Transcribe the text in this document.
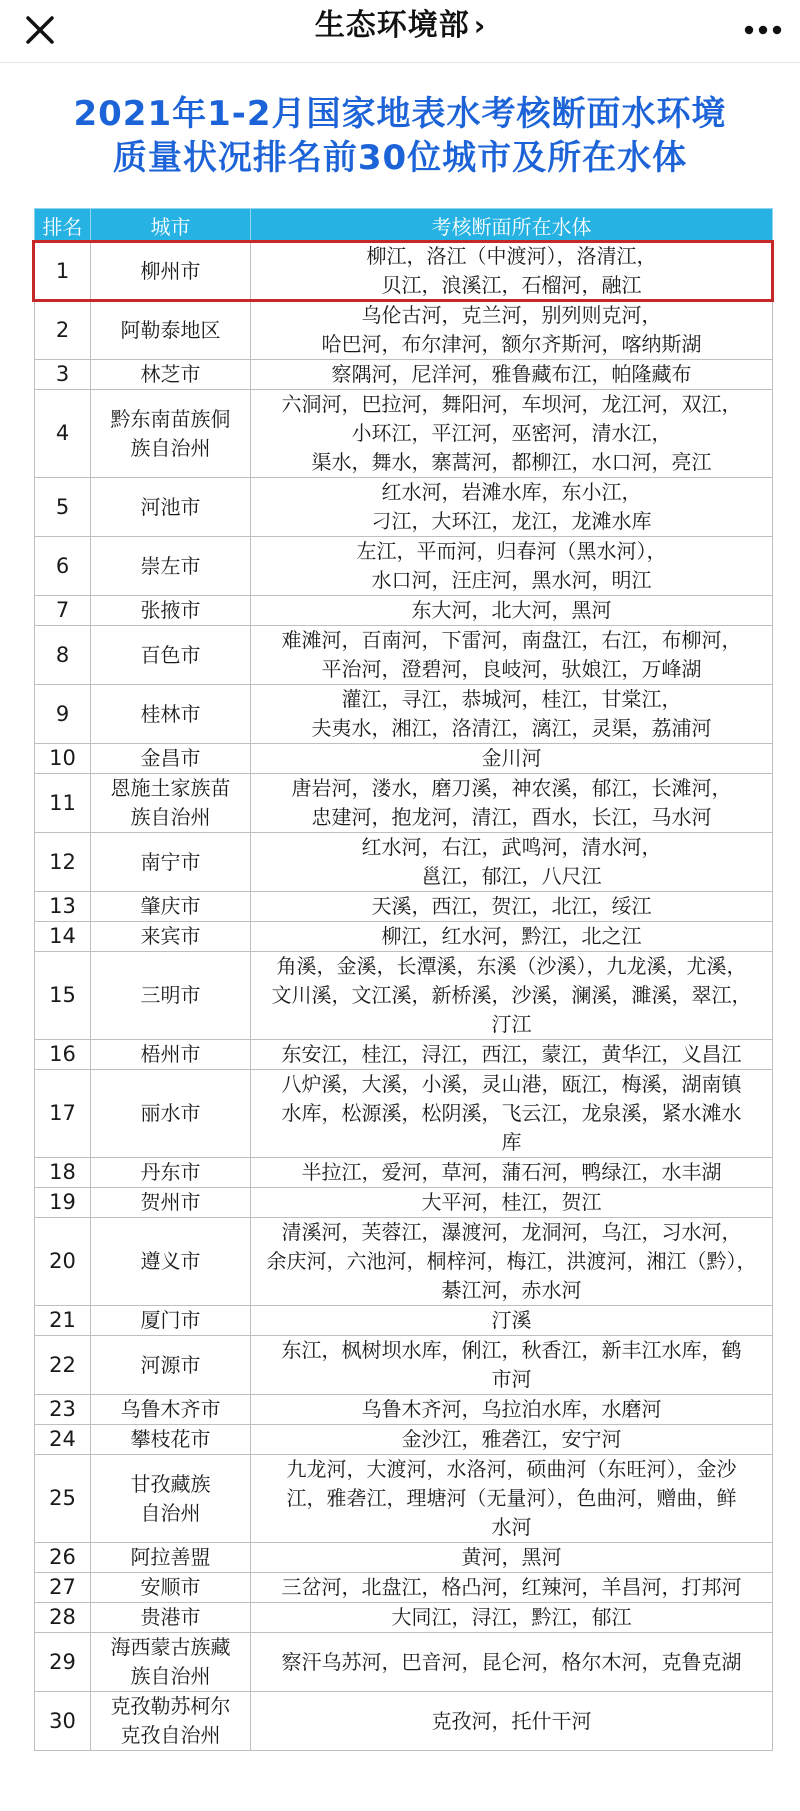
生态环境部 ›
2021年1-2月国家地表水考核断面水环境
质量状况排名前30位城市及所在水体
排名	城市	考核断面所在水体
1	柳州市	柳江，洛江（中渡河），洛清江，
贝江，浪溪江，石榴河，融江
2	阿勒泰地区	乌伦古河，克兰河，别列则克河，
哈巴河，布尔津河，额尔齐斯河，喀纳斯湖
3	林芝市	察隅河，尼洋河，雅鲁藏布江，帕隆藏布
4	黔东南苗族侗
族自治州	六洞河，巴拉河，舞阳河，车坝河，龙江河，双江，
小环江，平江河，巫密河，清水江，
渠水，舞水，寨蒿河，都柳江，水口河，亮江
5	河池市	红水河，岩滩水库，东小江，
刁江，大环江，龙江，龙滩水库
6	崇左市	左江，平而河，归春河（黑水河），
水口河，汪庄河，黑水河，明江
7	张掖市	东大河，北大河，黑河
8	百色市	难滩河，百南河，下雷河，南盘江，右江，布柳河，
平治河，澄碧河，良岐河，驮娘江，万峰湖
9	桂林市	灌江，寻江，恭城河，桂江，甘棠江，
夫夷水，湘江，洛清江，漓江，灵渠，荔浦河
10	金昌市	金川河
11	恩施土家族苗
族自治州	唐岩河，溇水，磨刀溪，神农溪，郁江，长滩河，
忠建河，抱龙河，清江，酉水，长江，马水河
12	南宁市	红水河，右江，武鸣河，清水河，
邕江，郁江，八尺江
13	肇庆市	天溪，西江，贺江，北江，绥江
14	来宾市	柳江，红水河，黔江，北之江
15	三明市	角溪，金溪，长潭溪，东溪（沙溪），九龙溪，尤溪，
文川溪，文江溪，新桥溪，沙溪，澜溪，濉溪，翠江，
汀江
16	梧州市	东安江，桂江，浔江，西江，蒙江，黄华江，义昌江
17	丽水市	八炉溪，大溪，小溪，灵山港，瓯江，梅溪，湖南镇
水库，松源溪，松阴溪，飞云江，龙泉溪，紧水滩水
库
18	丹东市	半拉江，爱河，草河，蒲石河，鸭绿江，水丰湖
19	贺州市	大平河，桂江，贺江
20	遵义市	清溪河，芙蓉江，瀑渡河，龙洞河，乌江，习水河，
余庆河，六池河，桐梓河，梅江，洪渡河，湘江（黔），
綦江河，赤水河
21	厦门市	汀溪
22	河源市	东江，枫树坝水库，俐江，秋香江，新丰江水库，鹤
市河
23	乌鲁木齐市	乌鲁木齐河，乌拉泊水库，水磨河
24	攀枝花市	金沙江，雅砻江，安宁河
25	甘孜藏族
自治州	九龙河，大渡河，水洛河，硕曲河（东旺河），金沙
江，雅砻江，理塘河（无量河），色曲河，赠曲，鲜
水河
26	阿拉善盟	黄河，黑河
27	安顺市	三岔河，北盘江，格凸河，红辣河，羊昌河，打邦河
28	贵港市	大同江，浔江，黔江，郁江
29	海西蒙古族藏
族自治州	察汗乌苏河，巴音河，昆仑河，格尔木河，克鲁克湖
30	克孜勒苏柯尔
克孜自治州	克孜河，托什干河
